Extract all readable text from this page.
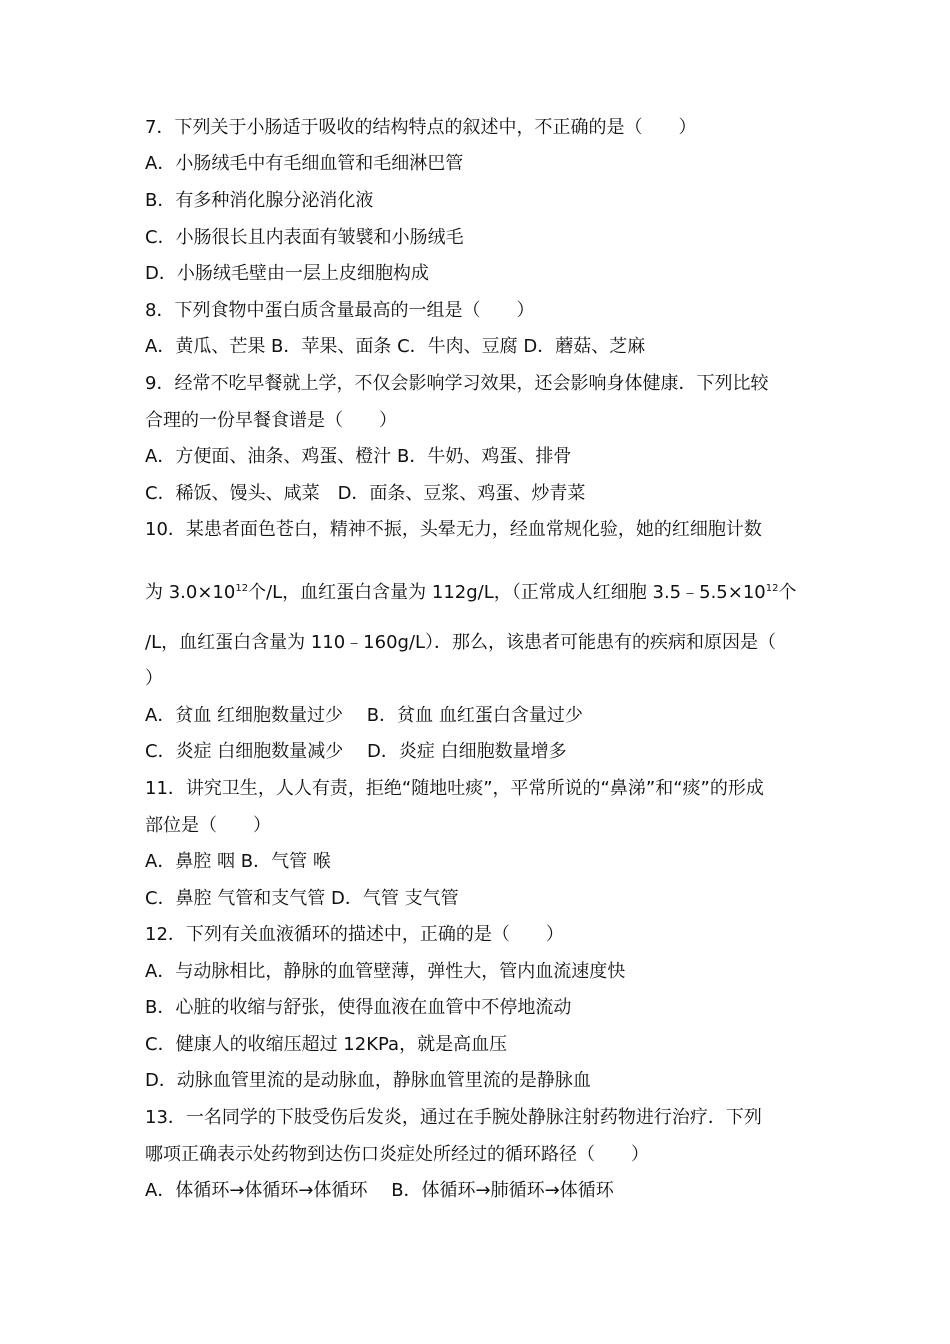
7．下列关于小肠适于吸收的结构特点的叙述中，不正确的是（　　）
A．小肠绒毛中有毛细血管和毛细淋巴管
B．有多种消化腺分泌消化液
C．小肠很长且内表面有皱襞和小肠绒毛
D．小肠绒毛壁由一层上皮细胞构成
8．下列食物中蛋白质含量最高的一组是（　　）
A．黄瓜、芒果 B．苹果、面条 C．牛肉、豆腐 D．蘑菇、芝麻
9．经常不吃早餐就上学，不仅会影响学习效果，还会影响身体健康．下列比较
合理的一份早餐食谱是（　　）
A．方便面、油条、鸡蛋、橙汁 B．牛奶、鸡蛋、排骨
C．稀饭、馒头、咸菜　D．面条、豆浆、鸡蛋、炒青菜
10．某患者面色苍白，精神不振，头晕无力，经血常规化验，她的红细胞计数
为 $3.0\times 10^{12}$个/L，血红蛋白含量为 112g/L，（正常成人红细胞 $3.5﹣5.5\times 10^{12}$个
/L，血红蛋白含量为 110﹣160g/L）．那么，该患者可能患有的疾病和原因是（
）
A．贫血 红细胞数量过少　 B．贫血 血红蛋白含量过少
C．炎症 白细胞数量减少　 D．炎症 白细胞数量增多
11．讲究卫生，人人有责，拒绝“随地吐痰”，平常所说的“鼻涕”和“痰”的形成
部位是（　　）
A．鼻腔 咽 B．气管 喉
C．鼻腔 气管和支气管 D．气管 支气管
12．下列有关血液循环的描述中，正确的是（　　）
A．与动脉相比，静脉的血管壁薄，弹性大，管内血流速度快
B．心脏的收缩与舒张，使得血液在血管中不停地流动
C．健康人的收缩压超过 12KPa，就是高血压
D．动脉血管里流的是动脉血，静脉血管里流的是静脉血
13．一名同学的下肢受伤后发炎，通过在手腕处静脉注射药物进行治疗．下列
哪项正确表示处药物到达伤口炎症处所经过的循环路径（　　）
A．体循环→体循环→体循环　 B．体循环→肺循环→体循环
